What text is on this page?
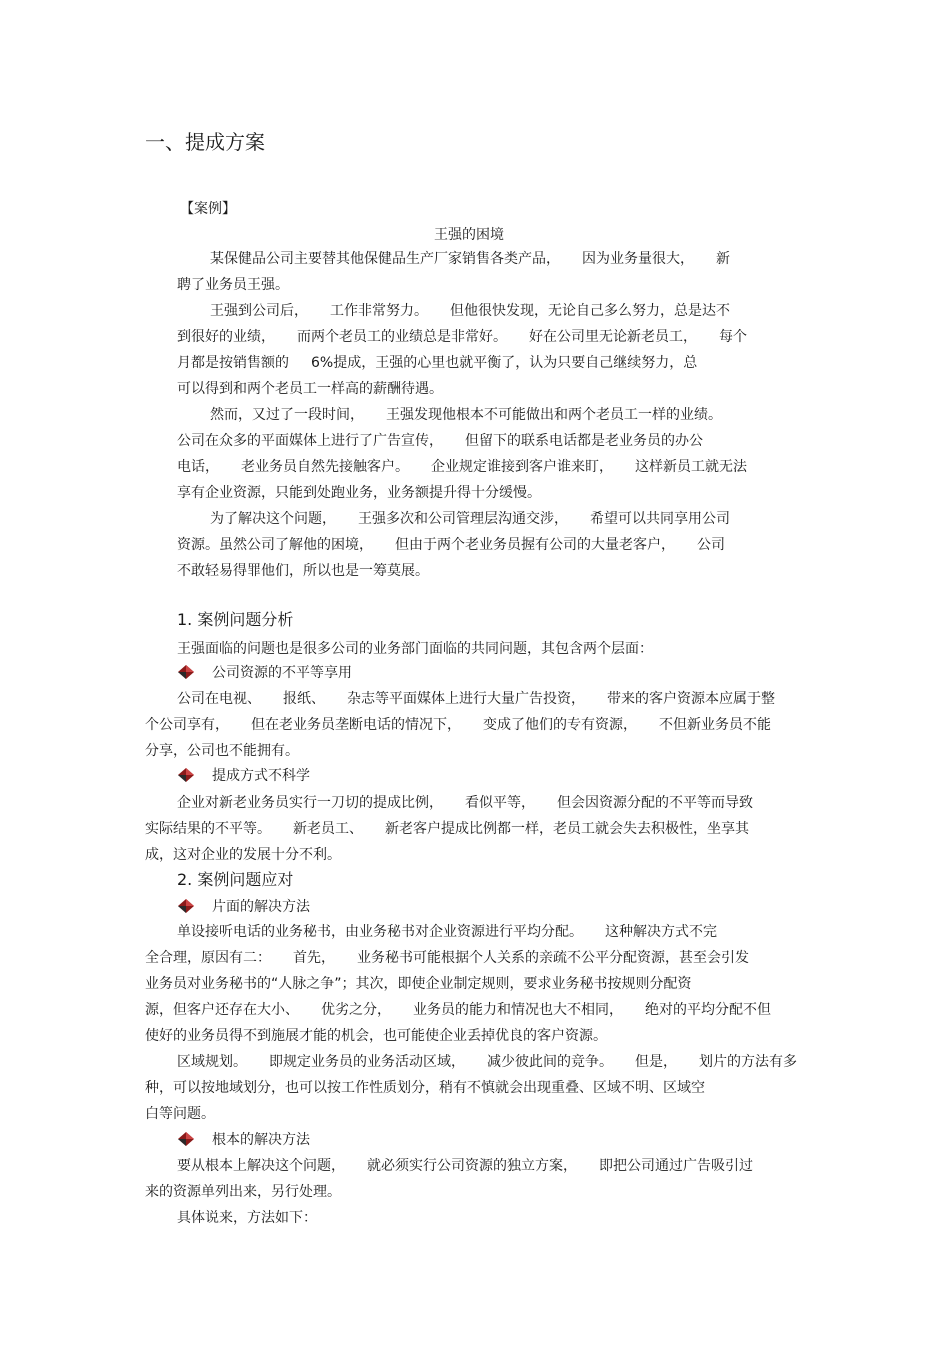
一、提成方案
【案例】
王强的困境
某保健品公司主要替其他保健品生产厂家销售各类产品， 因为业务量很大， 新
聘了业务员王强。
王强到公司后， 工作非常努力。 但他很快发现，无论自己多么努力，总是达不
到很好的业绩， 而两个老员工的业绩总是非常好。 好在公司里无论新老员工， 每个
月都是按销售额的 6%提成，王强的心里也就平衡了，认为只要自己继续努力，总
可以得到和两个老员工一样高的薪酬待遇。
然而，又过了一段时间， 王强发现他根本不可能做出和两个老员工一样的业绩。
公司在众多的平面媒体上进行了广告宣传， 但留下的联系电话都是老业务员的办公
电话， 老业务员自然先接触客户。 企业规定谁接到客户谁来盯， 这样新员工就无法
享有企业资源，只能到处跑业务，业务额提升得十分缓慢。
为了解决这个问题， 王强多次和公司管理层沟通交涉， 希望可以共同享用公司
资源。虽然公司了解他的困境， 但由于两个老业务员握有公司的大量老客户， 公司
不敢轻易得罪他们，所以也是一筹莫展。
1. 案例问题分析
王强面临的问题也是很多公司的业务部门面临的共同问题，其包含两个层面：
公司资源的不平等享用
公司在电视、 报纸、 杂志等平面媒体上进行大量广告投资， 带来的客户资源本应属于整
个公司享有， 但在老业务员垄断电话的情况下， 变成了他们的专有资源， 不但新业务员不能
分享，公司也不能拥有。
提成方式不科学
企业对新老业务员实行一刀切的提成比例， 看似平等， 但会因资源分配的不平等而导致
实际结果的不平等。 新老员工、 新老客户提成比例都一样，老员工就会失去积极性，坐享其
成，这对企业的发展十分不利。
2. 案例问题应对
片面的解决方法
单设接听电话的业务秘书，由业务秘书对企业资源进行平均分配。 这种解决方式不完
全合理，原因有二： 首先， 业务秘书可能根据个人关系的亲疏不公平分配资源，甚至会引发
业务员对业务秘书的“人脉之争”；其次，即使企业制定规则，要求业务秘书按规则分配资
源，但客户还存在大小、 优劣之分， 业务员的能力和情况也大不相同， 绝对的平均分配不但
使好的业务员得不到施展才能的机会，也可能使企业丢掉优良的客户资源。
区域规划。 即规定业务员的业务活动区域， 减少彼此间的竞争。 但是， 划片的方法有多
种，可以按地域划分，也可以按工作性质划分，稍有不慎就会出现重叠、区域不明、区域空
白等问题。
根本的解决方法
要从根本上解决这个问题， 就必须实行公司资源的独立方案， 即把公司通过广告吸引过
来的资源单列出来，另行处理。
具体说来，方法如下：
